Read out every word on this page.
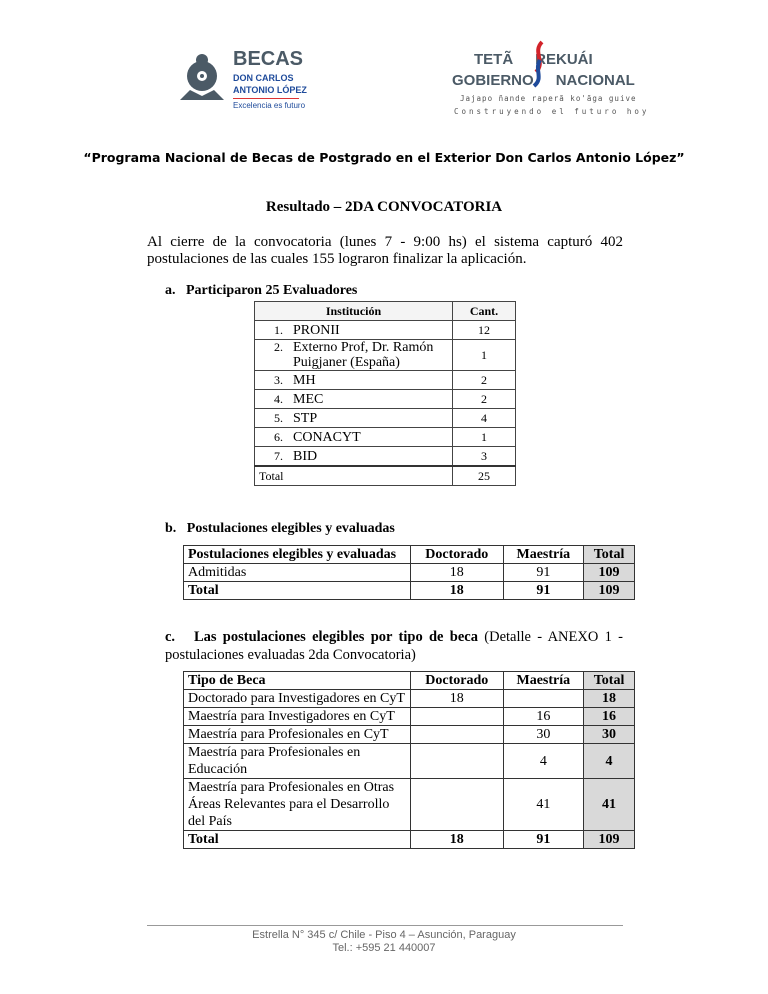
BECAS
DON CARLOS
ANTONIO LÓPEZ
Excelencia es futuro
TETÃ REKUÁI
GOBIERNO NACIONAL
Jajapo ñande raperã ko'ãga guive
Construyendo el futuro hoy
“Programa Nacional de Becas de Postgrado en el Exterior Don Carlos Antonio López”
Resultado – 2DA CONVOCATORIA
Al cierre de la convocatoria (lunes 7 - 9:00 hs) el sistema capturó 402 postulaciones de las cuales 155 lograron finalizar la aplicación.
a.   Participaron 25 Evaluadores
Institución	Cant.
1. PRONII	12
2. Externo Prof, Dr. Ramón Puigjaner (España)	1
3. MH	2
4. MEC	2
5. STP	4
6. CONACYT	1
7. BID	3
Total	25
b.   Postulaciones elegibles y evaluadas
Postulaciones elegibles y evaluadas	Doctorado	Maestría	Total
Admitidas	18	91	109
Total	18	91	109
c.   Las postulaciones elegibles por tipo de beca (Detalle - ANEXO 1 - postulaciones evaluadas 2da Convocatoria)
Tipo de Beca	Doctorado	Maestría	Total
Doctorado para Investigadores en CyT	18		18
Maestría para Investigadores en CyT		16	16
Maestría para Profesionales en CyT		30	30
Maestría para Profesionales en Educación		4	4
Maestría para Profesionales en Otras Áreas Relevantes para el Desarrollo del País		41	41
Total	18	91	109
Estrella N° 345 c/ Chile - Piso 4 – Asunción, Paraguay
Tel.: +595 21 440007
